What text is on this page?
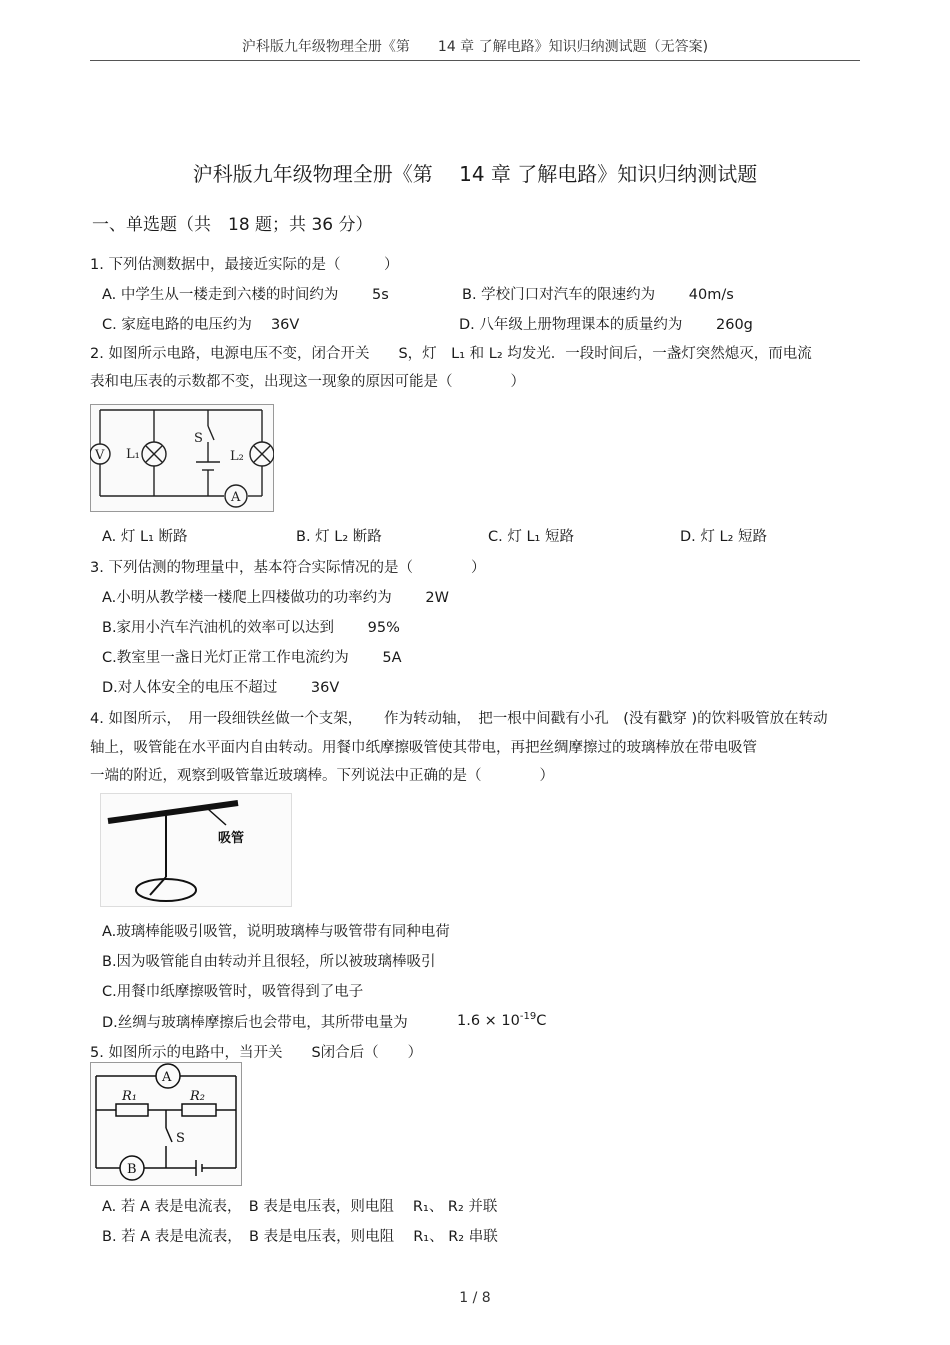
沪科版九年级物理全册《第　　14 章 了解电路》知识归纳测试题（无答案)
沪科版九年级物理全册《第　 14 章 了解电路》知识归纳测试题
一、单选题（共　18 题；共 36 分）
1. 下列估测数据中，最接近实际的是（　　　）
A. 中学生从一楼走到六楼的时间约为　　 5s	B. 学校门口对汽车的限速约为　　 40m/s
C. 家庭电路的电压约为　 36V	D. 八年级上册物理课本的质量约为　　 260g
2. 如图所示电路，电源电压不变，闭合开关　　S，灯　L₁ 和 L₂ 均发光．一段时间后，一盏灯突然熄灭，而电流
表和电压表的示数都不变，出现这一现象的原因可能是（　　　　）
V L₁
S
L₂
A
A. 灯 L₁ 断路	B. 灯 L₂ 断路	C. 灯 L₁ 短路	D. 灯 L₂ 短路
3. 下列估测的物理量中，基本符合实际情况的是（　　　　）
A.小明从教学楼一楼爬上四楼做功的功率约为　　 2W
B.家用小汽车汽油机的效率可以达到　　 95%
C.教室里一盏日光灯正常工作电流约为　　 5A
D.对人体安全的电压不超过　　 36V
4. 如图所示，　用一段细铁丝做一个支架，　　作为转动轴，　把一根中间戳有小孔　(没有戳穿 )的饮料吸管放在转动
轴上，吸管能在水平面内自由转动。用餐巾纸摩擦吸管使其带电，再把丝绸摩擦过的玻璃棒放在带电吸管
一端的附近，观察到吸管靠近玻璃棒。下列说法中正确的是（　　　　）
吸管
A.玻璃棒能吸引吸管，说明玻璃棒与吸管带有同种电荷
B.因为吸管能自由转动并且很轻，所以被玻璃棒吸引
C.用餐巾纸摩擦吸管时，吸管得到了电子
D.丝绸与玻璃棒摩擦后也会带电，其所带电量为	$1.6 \times 10^{-19}C$
5. 如图所示的电路中，当开关　　S闭合后（　　）
A
R₁	R₂
S
B
A. 若 A 表是电流表，　B 表是电压表，则电阻　 R₁、 R₂ 并联
B. 若 A 表是电流表，　B 表是电压表，则电阻　 R₁、 R₂ 串联
1 / 8
